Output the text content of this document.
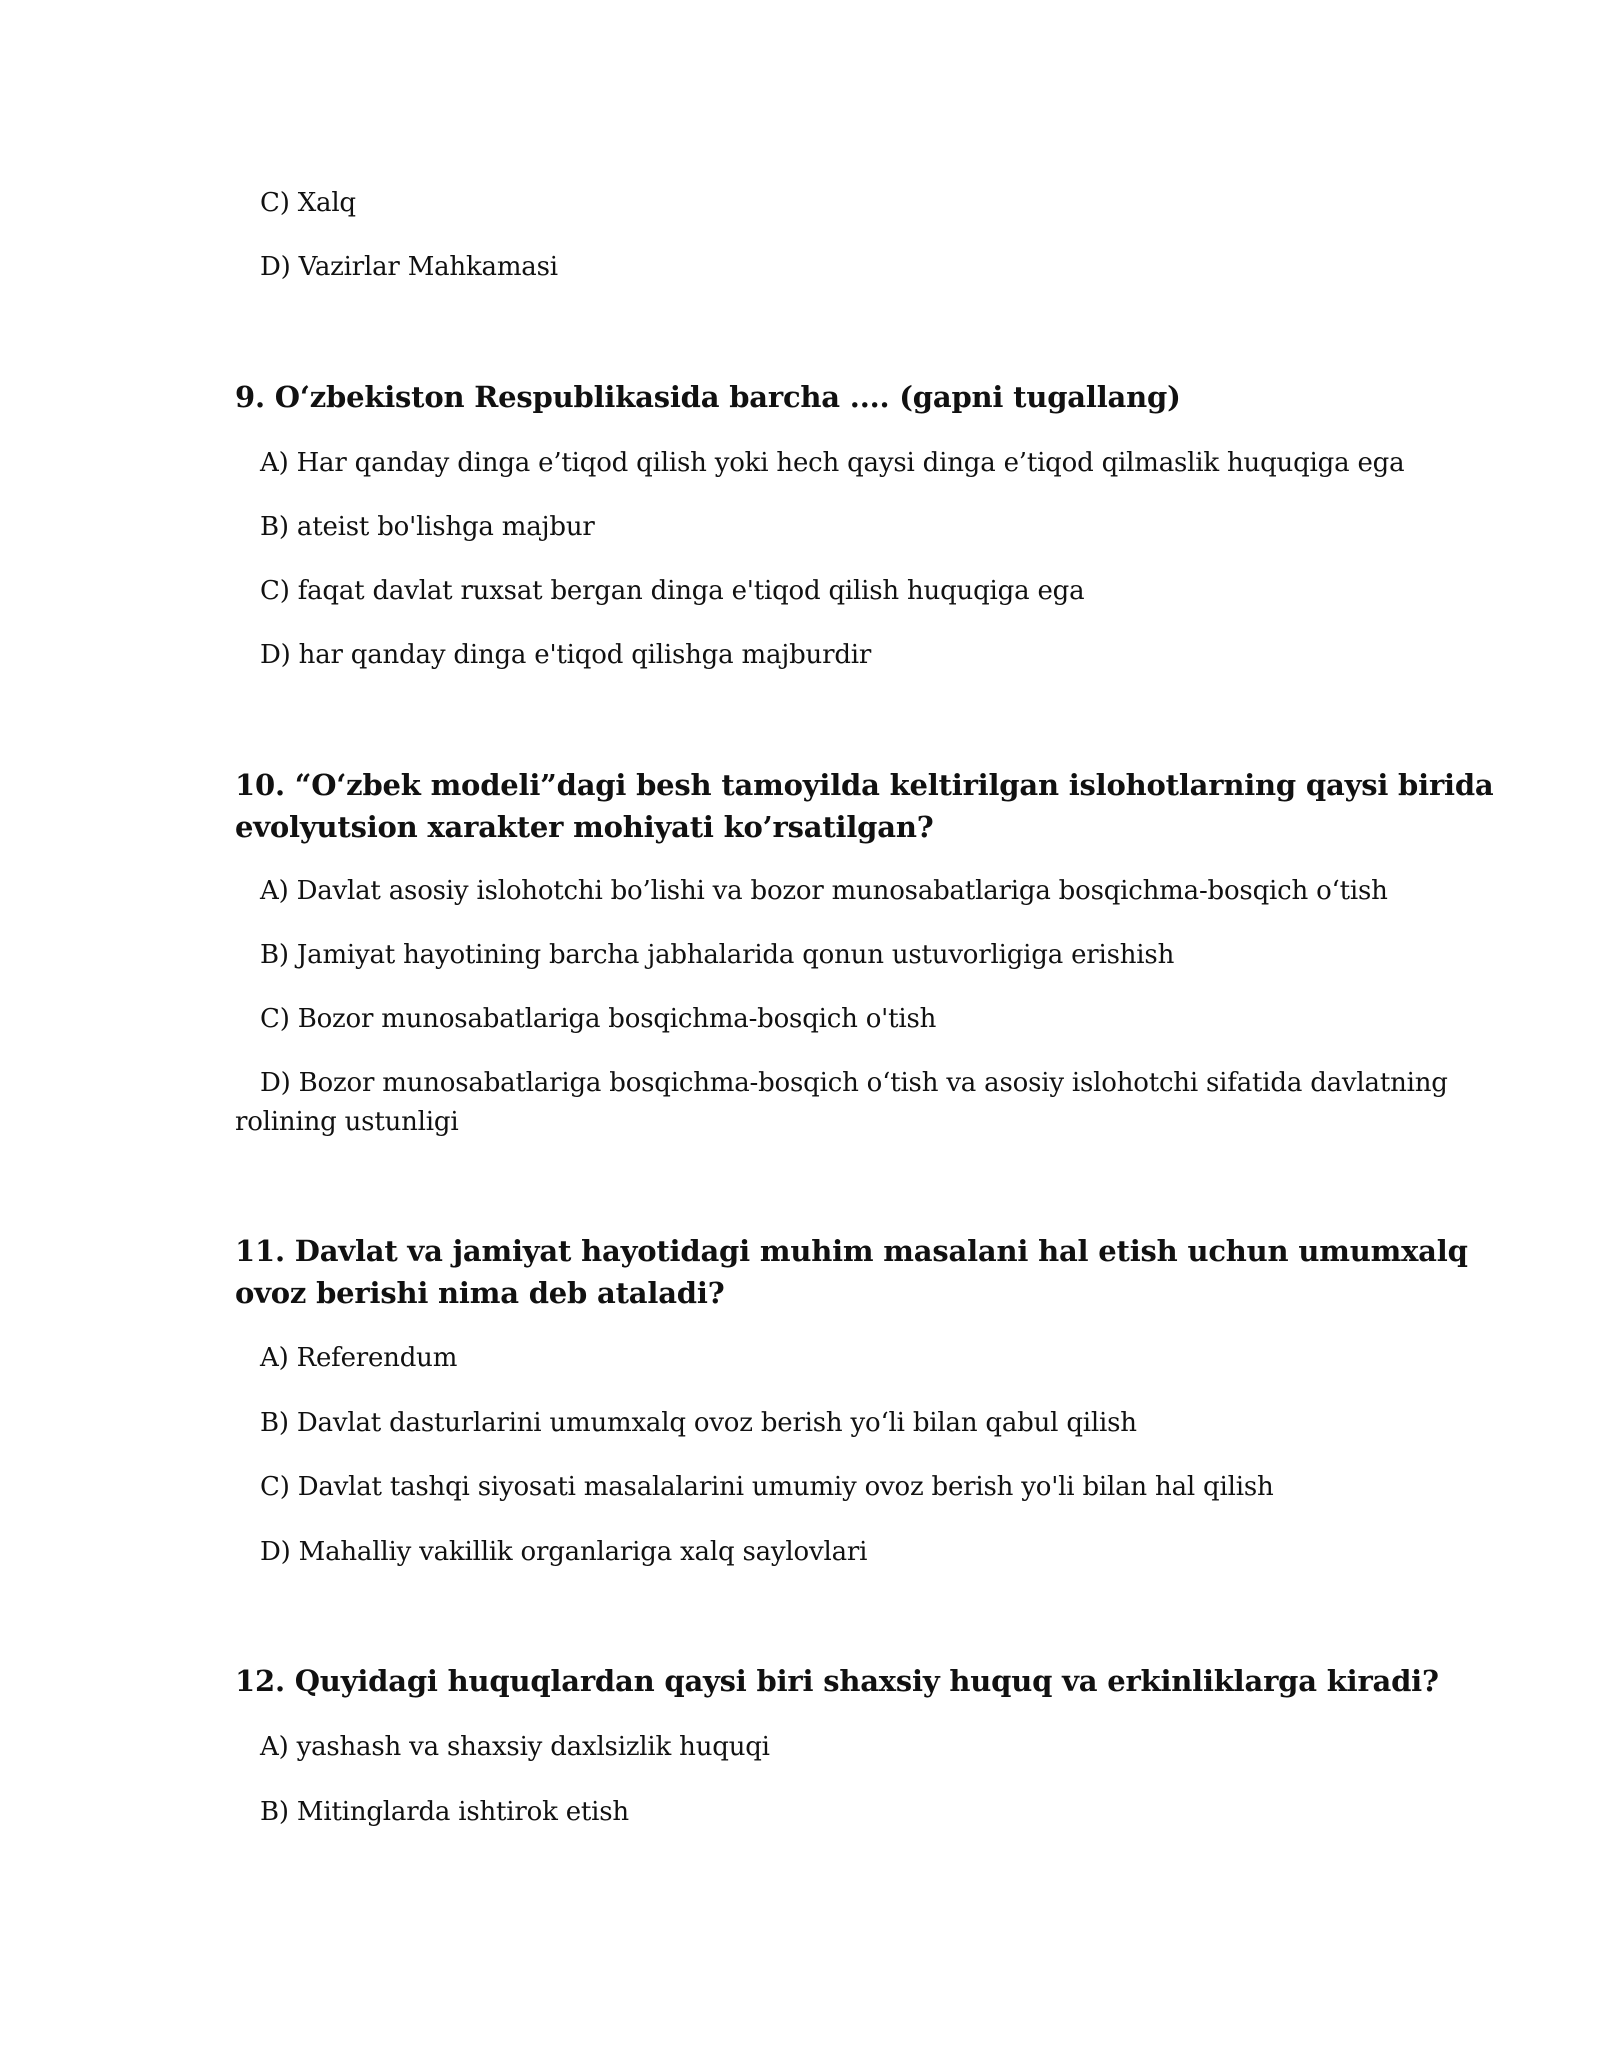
C) Xalq

D) Vazirlar Mahkamasi

9. O‘zbekiston Respublikasida barcha .... (gapni tugallang)

A) Har qanday dinga e’tiqod qilish yoki hech qaysi dinga e’tiqod qilmaslik huquqiga ega

B) ateist bo'lishga majbur

C) faqat davlat ruxsat bergan dinga e'tiqod qilish huquqiga ega

D) har qanday dinga e'tiqod qilishga majburdir

10. “O‘zbek modeli”dagi besh tamoyilda keltirilgan islohotlarning qaysi birida

evolyutsion xarakter mohiyati ko’rsatilgan?

A) Davlat asosiy islohotchi bo’lishi va bozor munosabatlariga bosqichma-bosqich o‘tish

B) Jamiyat hayotining barcha jabhalarida qonun ustuvorligiga erishish

C) Bozor munosabatlariga bosqichma-bosqich o'tish

D) Bozor munosabatlariga bosqichma-bosqich o‘tish va asosiy islohotchi sifatida davlatning

rolining ustunligi

11. Davlat va jamiyat hayotidagi muhim masalani hal etish uchun umumxalq

ovoz berishi nima deb ataladi?

A) Referendum

B) Davlat dasturlarini umumxalq ovoz berish yo‘li bilan qabul qilish

C) Davlat tashqi siyosati masalalarini umumiy ovoz berish yo'li bilan hal qilish

D) Mahalliy vakillik organlariga xalq saylovlari

12. Quyidagi huquqlardan qaysi biri shaxsiy huquq va erkinliklarga kiradi?

A) yashash va shaxsiy daxlsizlik huquqi

B) Mitinglarda ishtirok etish
